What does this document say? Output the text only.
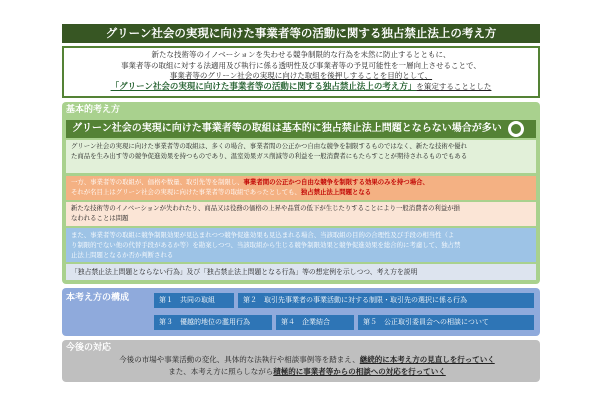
グリーン社会の実現に向けた事業者等の活動に関する独占禁止法上の考え方
新たな技術等のイノベーションを失わせる競争制限的な行為を未然に防止するとともに、
事業者等の取組に対する法適用及び執行に係る透明性及び事業者等の予見可能性を一層向上させることで、
事業者等のグリーン社会の実現に向けた取組を後押しすることを目的として、
「グリーン社会の実現に向けた事業者等の活動に関する独占禁止法上の考え方」を策定することとした
基本的考え方
グリーン社会の実現に向けた事業者等の取組は基本的に独占禁止法上問題とならない場合が多い
グリーン社会の実現に向けた事業者等の取組は、多くの場合、事業者間の公正かつ自由な競争を制限するものではなく、新たな技術や優れ
た商品を生み出す等の競争促進効果を持つものであり、温室効果ガス削減等の利益を一般消費者にもたらすことが期待されるものでもある
一方、事業者等の取組が、価格や数量、取引先等を制限し、事業者間の公正かつ自由な競争を制限する効果のみを持つ場合、
それが名目上はグリーン社会の実現に向けた事業者等の取組であったとしても、独占禁止法上問題となる
新たな技術等のイノベーションが失われたり、商品又は役務の価格の上昇や品質の低下が生じたりすることにより一般消費者の利益が損
なわれることは問題
また、事業者等の取組に競争制限効果が見込まれつつ競争促進効果も見込まれる場合、当該取組の目的の合理性及び手段の相当性（よ
り制限的でない他の代替手段があるか等）を勘案しつつ、当該取組から生じる競争制限効果と競争促進効果を総合的に考慮して、独占禁
止法上問題となるか否か判断される
「独占禁止法上問題とならない行為」及び「独占禁止法上問題となる行為」等の想定例を示しつつ、考え方を説明
本考え方の構成	第１　共同の取組	第２　取引先事業者の事業活動に対する制限・取引先の選択に係る行為
第３　優越的地位の濫用行為	第４　企業結合	第５　公正取引委員会への相談について
今後の対応
今後の市場や事業活動の変化、具体的な法執行や相談事例等を踏まえ、継続的に本考え方の見直しを行っていく
また、本考え方に照らしながら積極的に事業者等からの相談への対応を行っていく
